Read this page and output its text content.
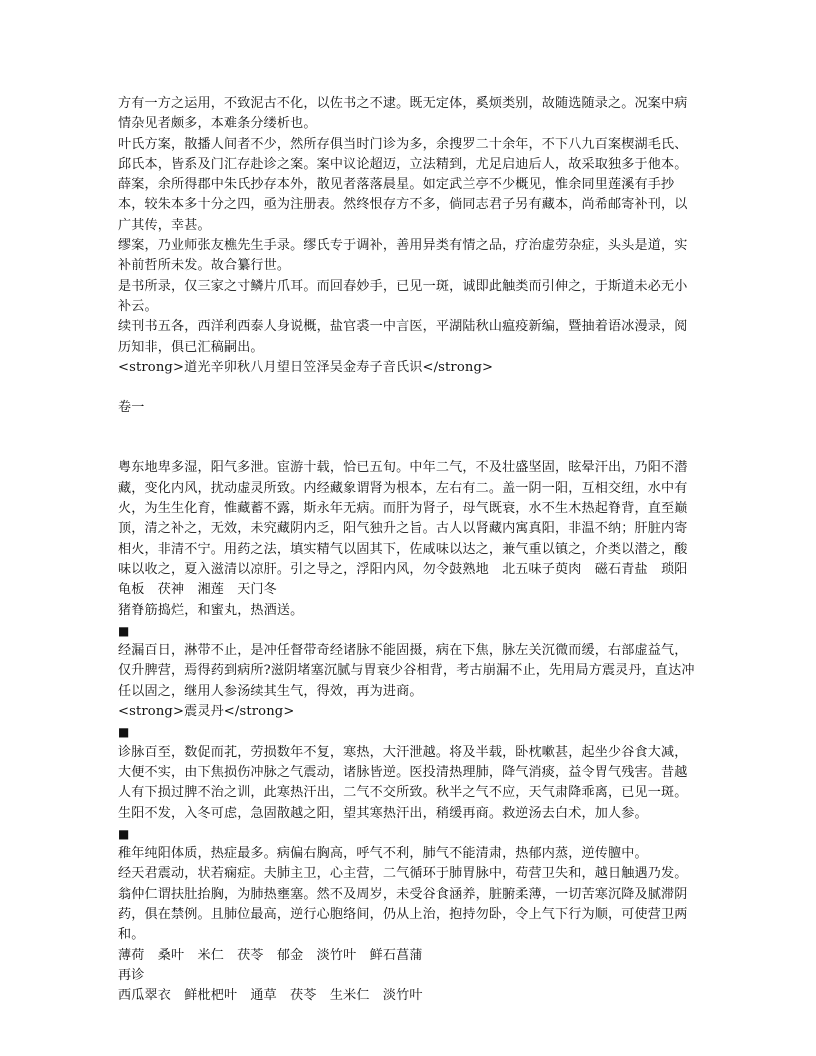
方有一方之运用，不致泥古不化，以佐书之不逮。既无定体，奚烦类别，故随选随录之。况案中病情杂见者颇多，本难条分缕析也。

叶氏方案，散播人间者不少，然所存俱当时门诊为多，余搜罗二十余年，不下八九百案楔湖毛氏、邱氏本，皆系及门汇存赴诊之案。案中议论超迈，立法精到，尤足启迪后人，故采取独多于他本。

薛案，余所得郡中朱氏抄存本外，散见者落落晨星。如定武兰亭不少概见，惟余同里莲溪有手抄本，较朱本多十分之四，亟为注册表。然终恨存方不多，倘同志君子另有藏本，尚希邮寄补刊，以广其传，幸甚。

缪案，乃业师张友樵先生手录。缪氏专于调补，善用异类有情之品，疗治虚劳杂症，头头是道，实补前哲所未发。故合纂行世。

是书所录，仅三家之寸鳞片爪耳。而回春妙手，已见一斑，诚即此触类而引伸之，于斯道未必无小补云。

续刊书五各，西洋利西泰人身说概，盐官裘一中言医，平湖陆秋山瘟疫新编，暨抽着语冰漫录，阅历知非，俱已汇稿嗣出。

<strong>道光辛卯秋八月望日笠泽吴金寿子音氏识</strong>

卷一

粤东地卑多湿，阳气多泄。宦游十载，恰已五旬。中年二气，不及壮盛坚固，眩晕汗出，乃阳不潜藏，变化内风，扰动虚灵所致。内经藏象谓肾为根本，左右有二。盖一阴一阳，互相交纽，水中有火，为生生化育，惟藏蓄不露，斯永年无病。而肝为肾子，母气既衰，水不生木热起脊背，直至巅顶，清之补之，无效，未究藏阴内乏，阳气独升之旨。古人以肾藏内寓真阳，非温不纳；肝脏内寄相火，非清不宁。用药之法，填实精气以固其下，佐咸味以达之，兼气重以镇之，介类以潜之，酸味以收之，夏入滋清以凉肝。引之导之，浮阳内风，勿令鼓熟地　北五味子萸肉　磁石青盐　琐阳　龟板　茯神　湘莲　天门冬

猪脊筋捣烂，和蜜丸，热酒送。

■

经漏百日，淋带不止，是冲任督带奇经诸脉不能固摄，病在下焦，脉左关沉微而缓，右部虚益气，仅升脾营，焉得药到病所?滋阴堵塞沉腻与胃衰少谷相背，考古崩漏不止，先用局方震灵丹，直达冲任以固之，继用人参汤续其生气，得效，再为进商。

<strong>震灵丹</strong>

■

诊脉百至，数促而芤，劳损数年不复，寒热，大汗泄越。将及半载，卧枕嗽甚，起坐少谷食大减，大便不实，由下焦损伤冲脉之气震动，诸脉皆逆。医投清热理肺，降气消痰，益令胃气残害。昔越人有下损过脾不治之训，此寒热汗出，二气不交所致。秋半之气不应，天气肃降乖离，已见一斑。生阳不发，入冬可虑，急固散越之阳，望其寒热汗出，稍缓再商。救逆汤去白术，加人参。

■

稚年纯阳体质，热症最多。病偏右胸高，呼气不利，肺气不能清肃，热郁内蒸，逆传膻中。

经天君震动，状若痫症。夫肺主卫，心主营，二气循环于肺胃脉中，苟营卫失和，越日触遇乃发。翁仲仁谓扶肚抬胸，为肺热壅塞。然不及周岁，未受谷食涵养，脏腑柔薄，一切苦寒沉降及腻滞阴药，俱在禁例。且肺位最高，逆行心胞络间，仍从上治，抱持勿卧，令上气下行为顺，可使营卫两和。

薄荷　桑叶　米仁　茯苓　郁金　淡竹叶　鲜石菖蒲

再诊

西瓜翠衣　鲜枇杷叶　通草　茯苓　生米仁　淡竹叶
